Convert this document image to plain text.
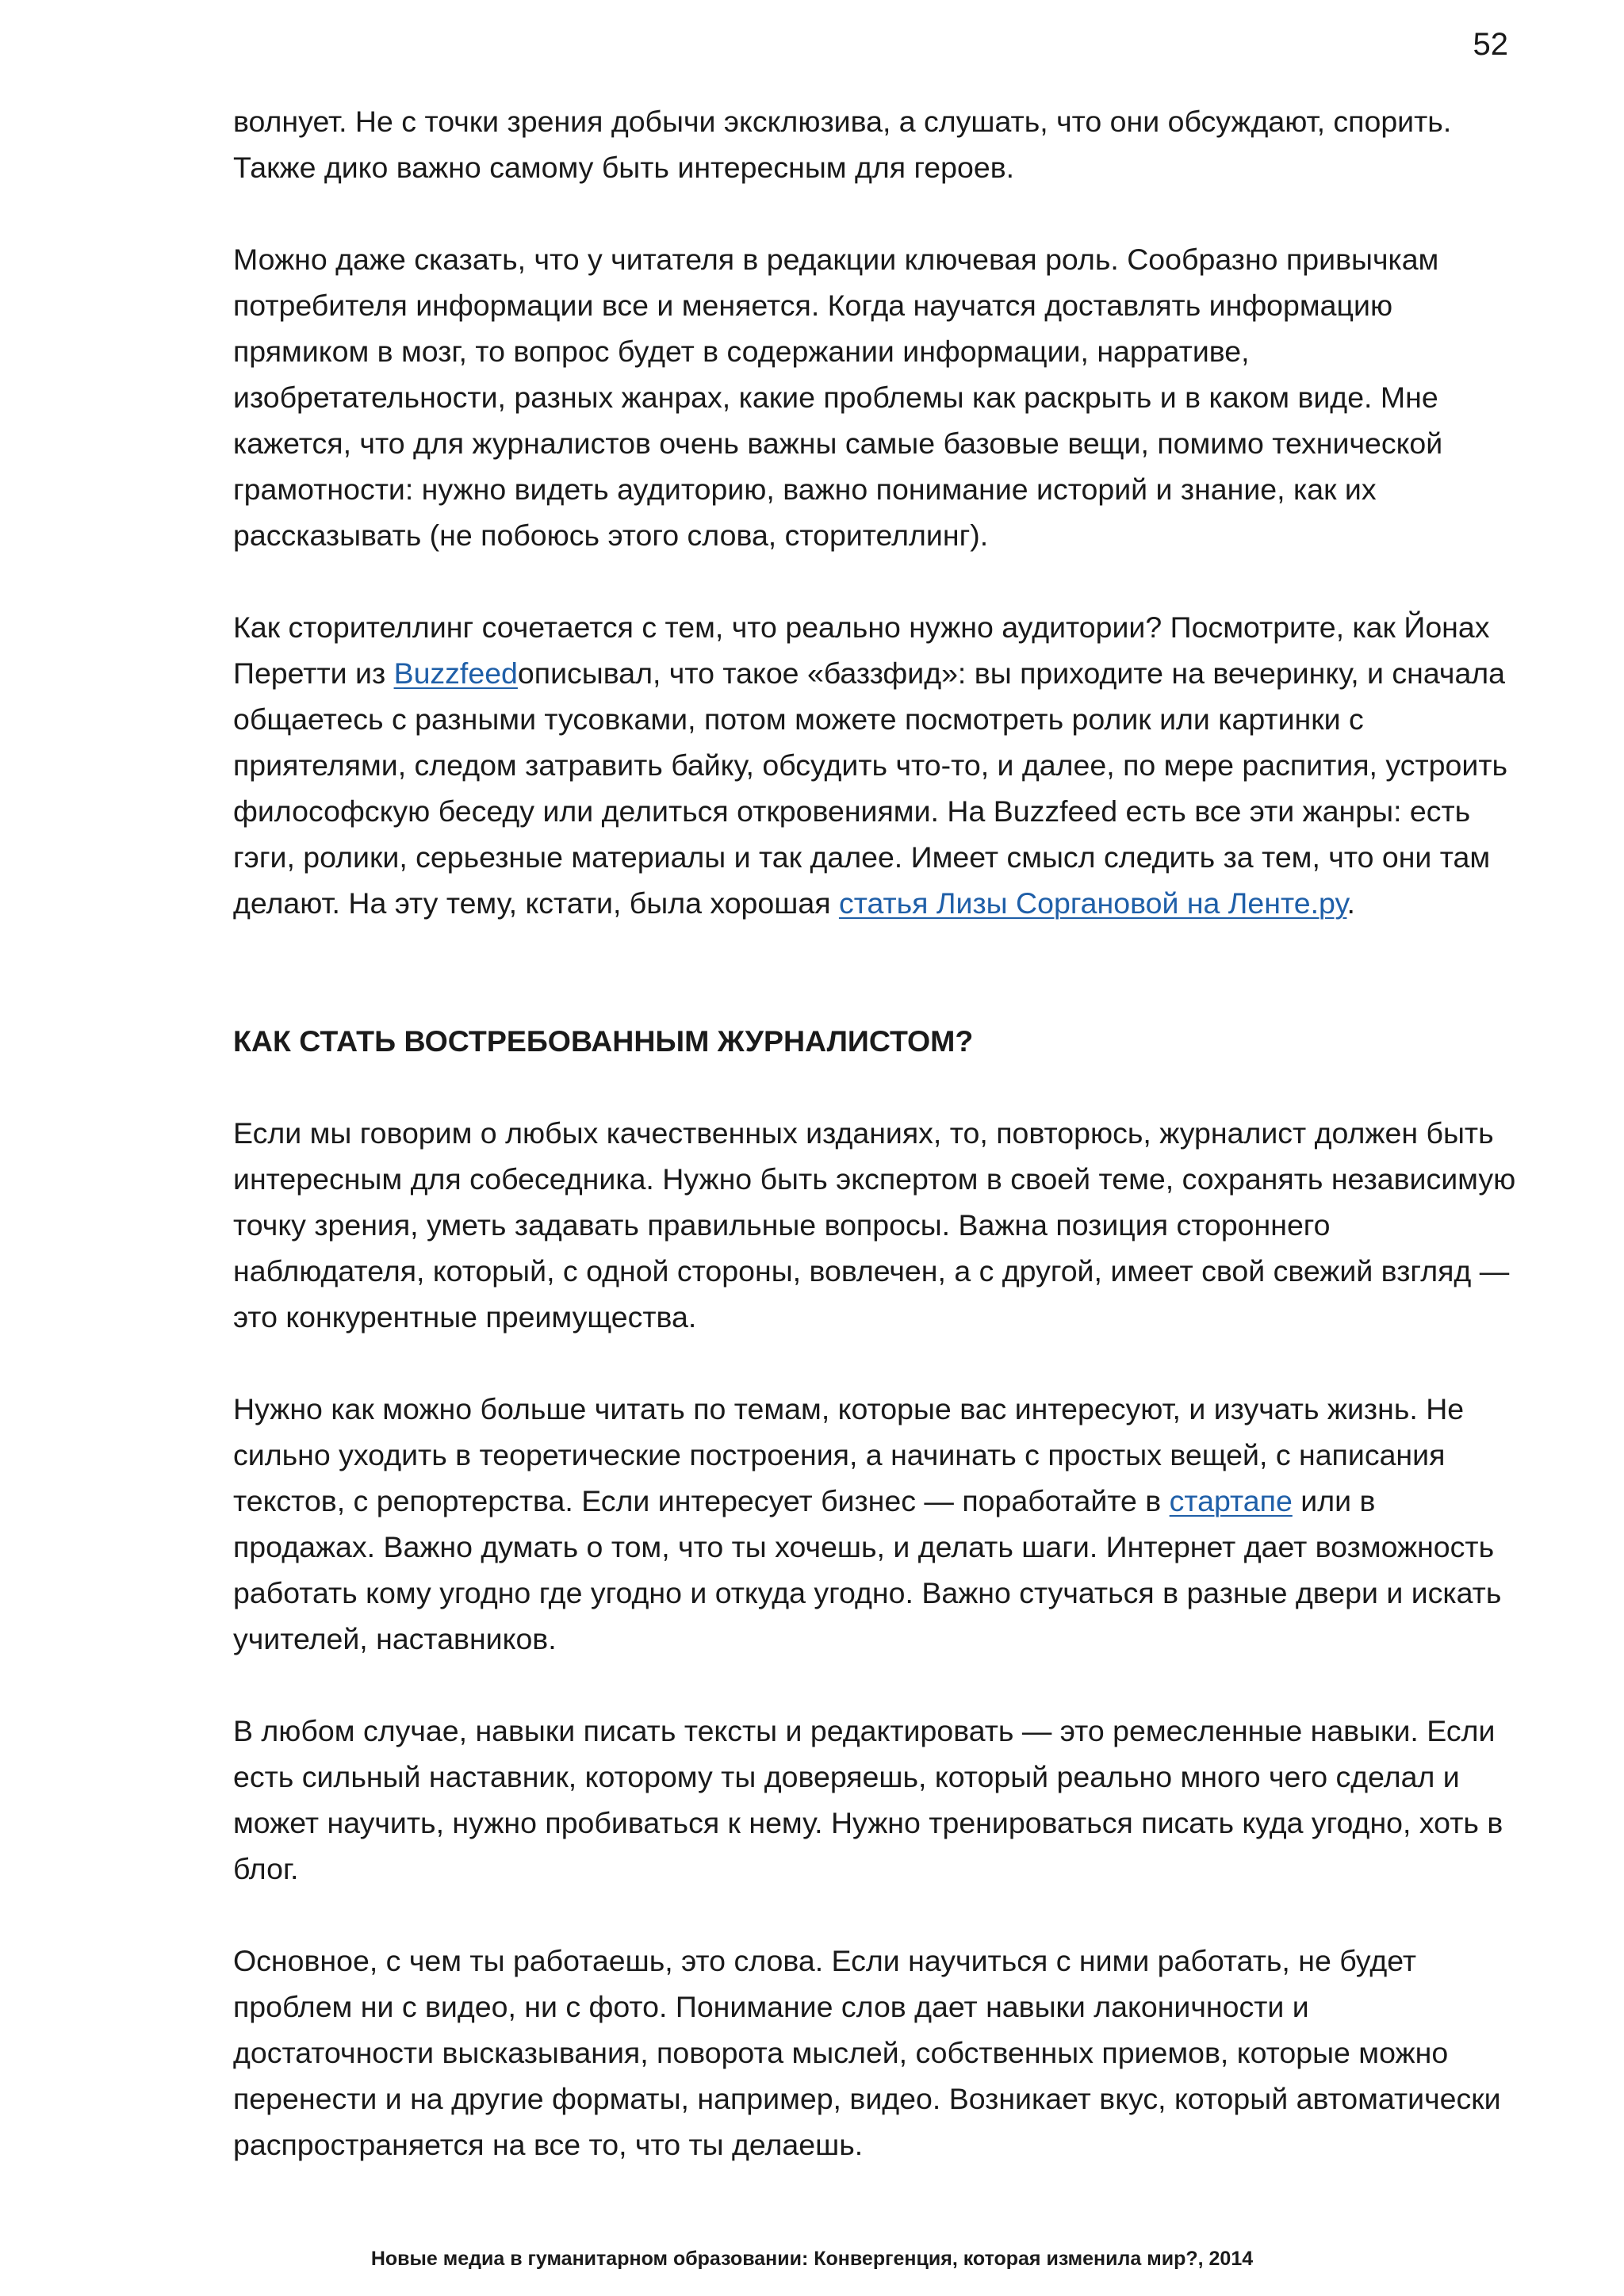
52

волнует. Не с точки зрения добычи эксклюзива, а слушать, что они обсуждают, спорить. Также дико важно самому быть интересным для героев.

Можно даже сказать, что у читателя в редакции ключевая роль. Сообразно привычкам потребителя информации все и меняется. Когда научатся доставлять информацию прямиком в мозг, то вопрос будет в содержании информации, нарративе, изобретательности, разных жанрах, какие проблемы как раскрыть и в каком виде. Мне кажется, что для журналистов очень важны самые базовые вещи, помимо технической грамотности: нужно видеть аудиторию, важно понимание историй и знание, как их рассказывать (не побоюсь этого слова, сторителлинг).

Как сторителлинг сочетается с тем, что реально нужно аудитории? Посмотрите, как Йонах Перетти из Buzzfeedописывал, что такое «баззфид»: вы приходите на вечеринку, и сначала общаетесь с разными тусовками, потом можете посмотреть ролик или картинки с приятелями, следом затравить байку, обсудить что-то, и далее, по мере распития, устроить философскую беседу или делиться откровениями. На Buzzfeed есть все эти жанры: есть гэги, ролики, серьезные материалы и так далее. Имеет смысл следить за тем, что они там делают. На эту тему, кстати, была хорошая статья Лизы Соргановой на Ленте.ру.

КАК СТАТЬ ВОСТРЕБОВАННЫМ ЖУРНАЛИСТОМ?

Если мы говорим о любых качественных изданиях, то, повторюсь, журналист должен быть интересным для собеседника. Нужно быть экспертом в своей теме, сохранять независимую точку зрения, уметь задавать правильные вопросы. Важна позиция стороннего наблюдателя, который, с одной стороны, вовлечен, а с другой, имеет свой свежий взгляд — это конкурентные преимущества.

Нужно как можно больше читать по темам, которые вас интересуют, и изучать жизнь. Не сильно уходить в теоретические построения, а начинать с простых вещей, с написания текстов, с репортерства. Если интересует бизнес — поработайте в стартапе или в продажах. Важно думать о том, что ты хочешь, и делать шаги. Интернет дает возможность работать кому угодно где угодно и откуда угодно. Важно стучаться в разные двери и искать учителей, наставников.

В любом случае, навыки писать тексты и редактировать — это ремесленные навыки. Если есть сильный наставник, которому ты доверяешь, который реально много чего сделал и может научить, нужно пробиваться к нему. Нужно тренироваться писать куда угодно, хоть в блог.

Основное, с чем ты работаешь, это слова. Если научиться с ними работать, не будет проблем ни с видео, ни с фото. Понимание слов дает навыки лаконичности и достаточности высказывания, поворота мыслей, собственных приемов, которые можно перенести и на другие форматы, например, видео. Возникает вкус, который автоматически распространяется на все то, что ты делаешь.

Новые медиа в гуманитарном образовании: Конвергенция, которая изменила мир?, 2014
